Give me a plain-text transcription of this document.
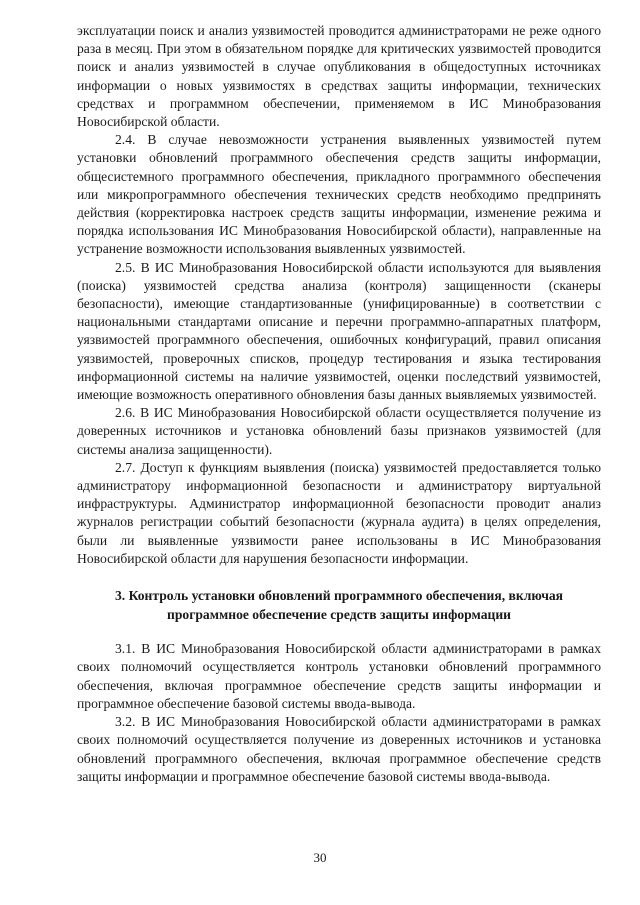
эксплуатации поиск и анализ уязвимостей проводится администраторами не реже одного раза в месяц. При этом в обязательном порядке для критических уязвимостей проводится поиск и анализ уязвимостей в случае опубликования в общедоступных источниках информации о новых уязвимостях в средствах защиты информации, технических средствах и программном обеспечении, применяемом в ИС Минобразования Новосибирской области.

2.4. В случае невозможности устранения выявленных уязвимостей путем установки обновлений программного обеспечения средств защиты информации, общесистемного программного обеспечения, прикладного программного обеспечения или микропрограммного обеспечения технических средств необходимо предпринять действия (корректировка настроек средств защиты информации, изменение режима и порядка использования ИС Минобразования Новосибирской области), направленные на устранение возможности использования выявленных уязвимостей.

2.5. В ИС Минобразования Новосибирской области используются для выявления (поиска) уязвимостей средства анализа (контроля) защищенности (сканеры безопасности), имеющие стандартизованные (унифицированные) в соответствии с национальными стандартами описание и перечни программно-аппаратных платформ, уязвимостей программного обеспечения, ошибочных конфигураций, правил описания уязвимостей, проверочных списков, процедур тестирования и языка тестирования информационной системы на наличие уязвимостей, оценки последствий уязвимостей, имеющие возможность оперативного обновления базы данных выявляемых уязвимостей.

2.6. В ИС Минобразования Новосибирской области осуществляется получение из доверенных источников и установка обновлений базы признаков уязвимостей (для системы анализа защищенности).

2.7. Доступ к функциям выявления (поиска) уязвимостей предоставляется только администратору информационной безопасности и администратору виртуальной инфраструктуры. Администратор информационной безопасности проводит анализ журналов регистрации событий безопасности (журнала аудита) в целях определения, были ли выявленные уязвимости ранее использованы в ИС Минобразования Новосибирской области для нарушения безопасности информации.

3. Контроль установки обновлений программного обеспечения, включая программное обеспечение средств защиты информации

3.1. В ИС Минобразования Новосибирской области администраторами в рамках своих полномочий осуществляется контроль установки обновлений программного обеспечения, включая программное обеспечение средств защиты информации и программное обеспечение базовой системы ввода-вывода.

3.2. В ИС Минобразования Новосибирской области администраторами в рамках своих полномочий осуществляется получение из доверенных источников и установка обновлений программного обеспечения, включая программное обеспечение средств защиты информации и программное обеспечение базовой системы ввода-вывода.

30
